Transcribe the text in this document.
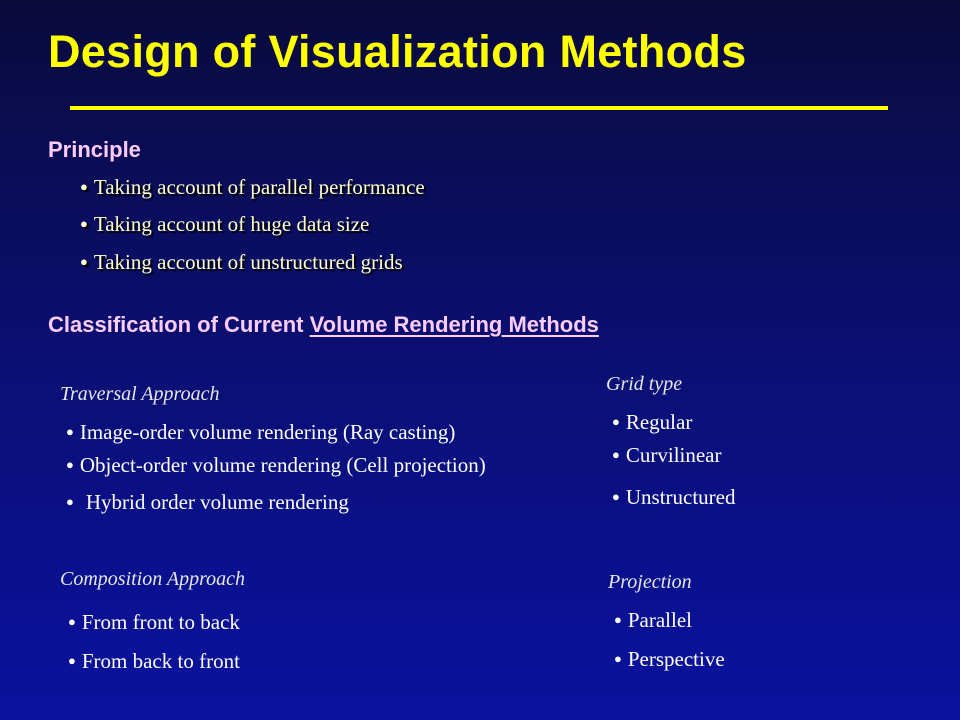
Design of Visualization Methods
Principle
● Taking account of parallel performance
● Taking account of huge data size
● Taking account of unstructured grids
Classification of Current Volume Rendering Methods
Traversal Approach
● Image-order volume rendering (Ray casting)
● Object-order volume rendering (Cell projection)
● Hybrid order volume rendering
Grid type
● Regular
● Curvilinear
● Unstructured
Composition Approach
● From front to back
● From back to front
Projection
● Parallel
● Perspective
